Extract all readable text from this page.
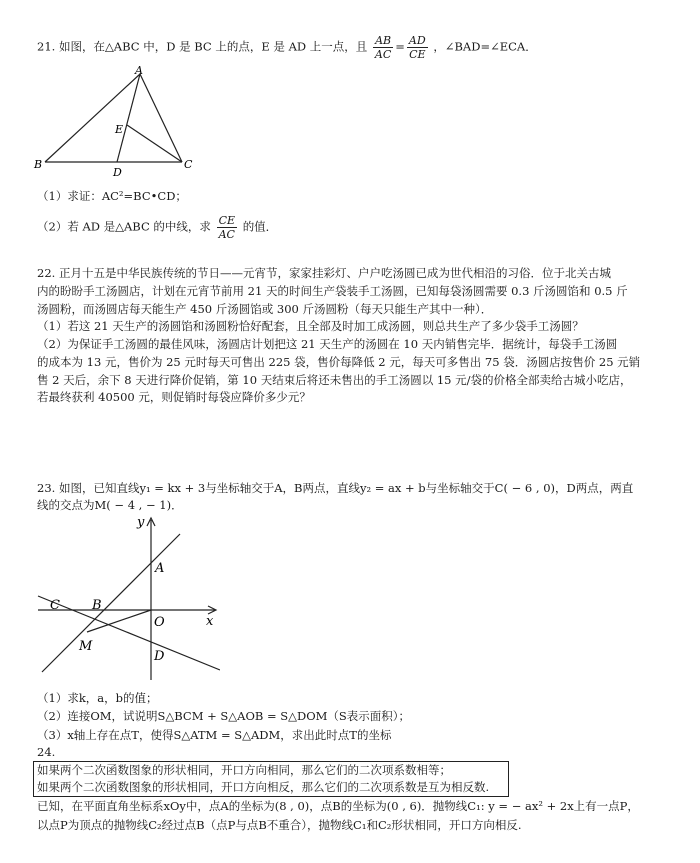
21. 如图，在△ABC 中，D 是 BC 上的点，E 是 AD 上一点，且 $\frac{AB}{AC} = \frac{AD}{CE}$ ，∠BAD=∠ECA．
A
B	C
D
E
（1）求证：AC²=BC•CD；
（2）若 AD 是△ABC 的中线，求 $\frac{CE}{AC}$ 的值．
22. 正月十五是中华民族传统的节日——元宵节，家家挂彩灯、户户吃汤圆已成为世代相沿的习俗．位于北关古城
内的盼盼手工汤圆店，计划在元宵节前用 21 天的时间生产袋装手工汤圆，已知每袋汤圆需要 0.3 斤汤圆馅和 0.5 斤
汤圆粉，而汤圆店每天能生产 450 斤汤圆馅或 300 斤汤圆粉（每天只能生产其中一种）．
（1）若这 21 天生产的汤圆馅和汤圆粉恰好配套，且全部及时加工成汤圆，则总共生产了多少袋手工汤圆？
（2）为保证手工汤圆的最佳风味，汤圆店计划把这 21 天生产的汤圆在 10 天内销售完毕．据统计，每袋手工汤圆
的成本为 13 元，售价为 25 元时每天可售出 225 袋，售价每降低 2 元，每天可多售出 75 袋．汤圆店按售价 25 元销
售 2 天后，余下 8 天进行降价促销，第 10 天结束后将还未售出的手工汤圆以 15 元/袋的价格全部卖给古城小吃店，
若最终获利 40500 元，则促销时每袋应降价多少元？
23. 如图，已知直线y₁ = kx + 3与坐标轴交于A，B两点，直线y₂ = ax + b与坐标轴交于C( − 6 , 0)，D两点，两直
线的交点为M( − 4 , − 1)．
y
x
A
B
C
O
M
D
（1）求k，a，b的值；
（2）连接OM，试说明S△BCM + S△AOB = S△DOM（S表示面积）；
（3）x轴上存在点T，使得S△ATM = S△ADM，求出此时点T的坐标
24.
如果两个二次函数图象的形状相同，开口方向相同，那么它们的二次项系数相等；
如果两个二次函数图象的形状相同，开口方向相反，那么它们的二次项系数是互为相反数.
已知，在平面直角坐标系xOy中，点A的坐标为(8 , 0)，点B的坐标为(0 , 6)．抛物线C₁: y = − ax² + 2x上有一点P，
以点P为顶点的抛物线C₂经过点B（点P与点B不重合），抛物线C₁和C₂形状相同，开口方向相反.
